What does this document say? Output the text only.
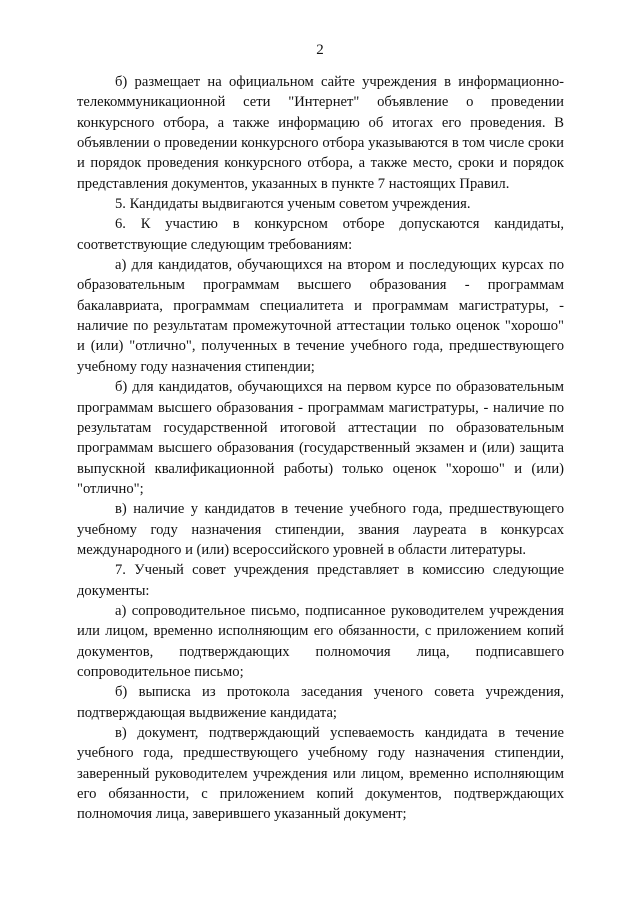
2

б) размещает на официальном сайте учреждения в информационно-телекоммуникационной сети "Интернет" объявление о проведении конкурсного отбора, а также информацию об итогах его проведения. В объявлении о проведении конкурсного отбора указываются в том числе сроки и порядок проведения конкурсного отбора, а также место, сроки и порядок представления документов, указанных в пункте 7 настоящих Правил.

5. Кандидаты выдвигаются ученым советом учреждения.

6. К участию в конкурсном отборе допускаются кандидаты, соответствующие следующим требованиям:

а) для кандидатов, обучающихся на втором и последующих курсах по образовательным программам высшего образования - программам бакалавриата, программам специалитета и программам магистратуры, - наличие по результатам промежуточной аттестации только оценок "хорошо" и (или) "отлично", полученных в течение учебного года, предшествующего учебному году назначения стипендии;

б) для кандидатов, обучающихся на первом курсе по образовательным программам высшего образования - программам магистратуры, - наличие по результатам государственной итоговой аттестации по образовательным программам высшего образования (государственный экзамен и (или) защита выпускной квалификационной работы) только оценок "хорошо" и (или) "отлично";

в) наличие у кандидатов в течение учебного года, предшествующего учебному году назначения стипендии, звания лауреата в конкурсах международного и (или) всероссийского уровней в области литературы.

7. Ученый совет учреждения представляет в комиссию следующие документы:

а) сопроводительное письмо, подписанное руководителем учреждения или лицом, временно исполняющим его обязанности, с приложением копий документов, подтверждающих полномочия лица, подписавшего сопроводительное письмо;

б) выписка из протокола заседания ученого совета учреждения, подтверждающая выдвижение кандидата;

в) документ, подтверждающий успеваемость кандидата в течение учебного года, предшествующего учебному году назначения стипендии, заверенный руководителем учреждения или лицом, временно исполняющим его обязанности, с приложением копий документов, подтверждающих полномочия лица, заверившего указанный документ;
